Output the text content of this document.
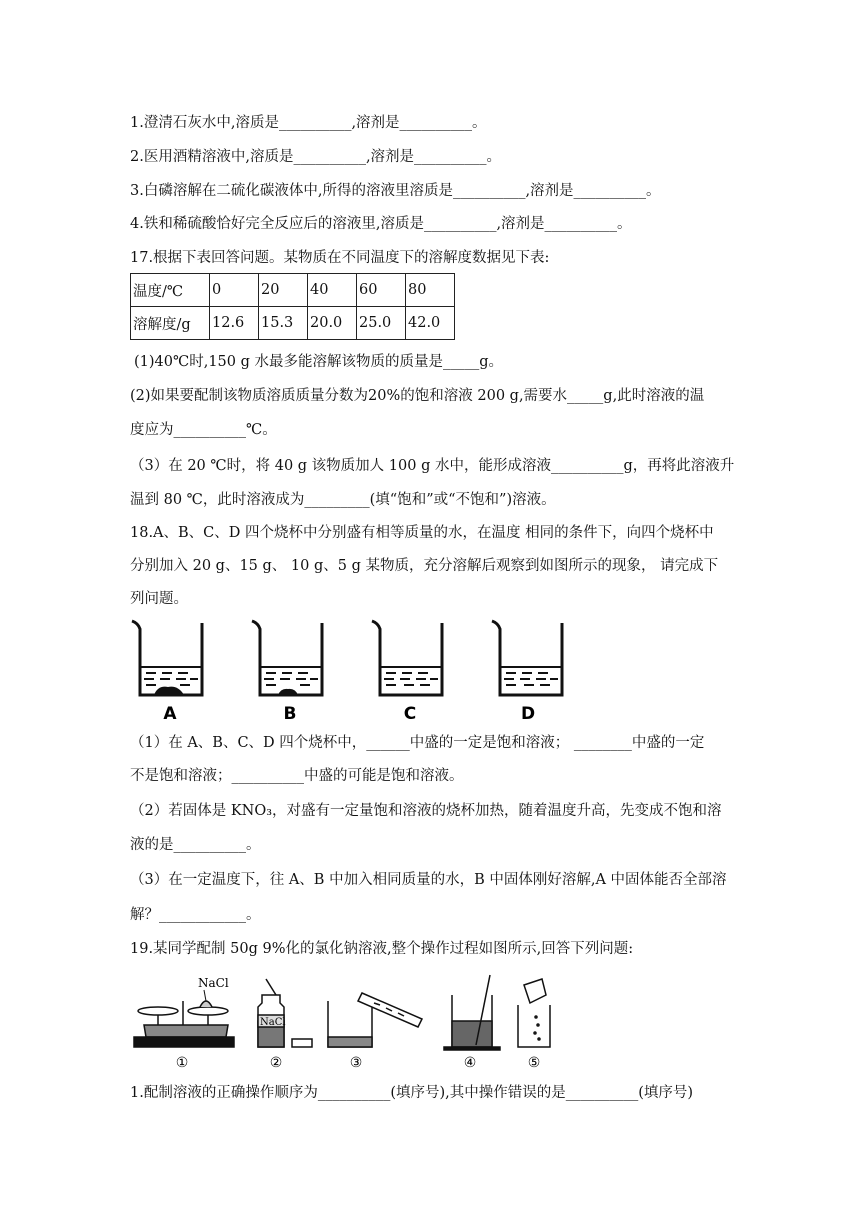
1.澄清石灰水中,溶质是__________,溶剂是__________。
2.医用酒精溶液中,溶质是__________,溶剂是__________。
3.白磷溶解在二硫化碳液体中,所得的溶液里溶质是__________,溶剂是__________。
4.铁和稀硫酸恰好完全反应后的溶液里,溶质是__________,溶剂是__________。
17.根据下表回答问题。某物质在不同温度下的溶解度数据见下表:
温度/℃	0	20	40	60	80
溶解度/g	12.6	15.3	20.0	25.0	42.0
(1)40℃时,150 g 水最多能溶解该物质的质量是_____g。
(2)如果要配制该物质溶质质量分数为20%的饱和溶液 200 g,需要水_____g,此时溶液的温
度应为__________℃。
（3）在 20 ℃时，将 40 g 该物质加人 100 g 水中，能形成溶液__________g，再将此溶液升
温到 80 ℃，此时溶液成为_________(填“饱和”或“不饱和”)溶液。
18.A、B、C、D 四个烧杯中分别盛有相等质量的水，在温度 相同的条件下，向四个烧杯中
分别加入 20 g、15 g、 10 g、5 g 某物质，充分溶解后观察到如图所示的现象， 请完成下
列问题。
A	B	C	D
（1）在 A、B、C、D 四个烧杯中，______中盛的一定是饱和溶液； ________中盛的一定
不是饱和溶液；__________中盛的可能是饱和溶液。
（2）若固体是 KNO₃，对盛有一定量饱和溶液的烧杯加热，随着温度升高，先变成不饱和溶
液的是__________。
（3）在一定温度下，往 A、B 中加入相同质量的水，B 中固体刚好溶解,A 中固体能否全部溶
解？____________。
19.某同学配制 50g 9%化的氯化钠溶液,整个操作过程如图所示,回答下列问题:
NaCl
NaCl
①	②	③	④	⑤
1.配制溶液的正确操作顺序为__________(填序号),其中操作错误的是__________(填序号)
